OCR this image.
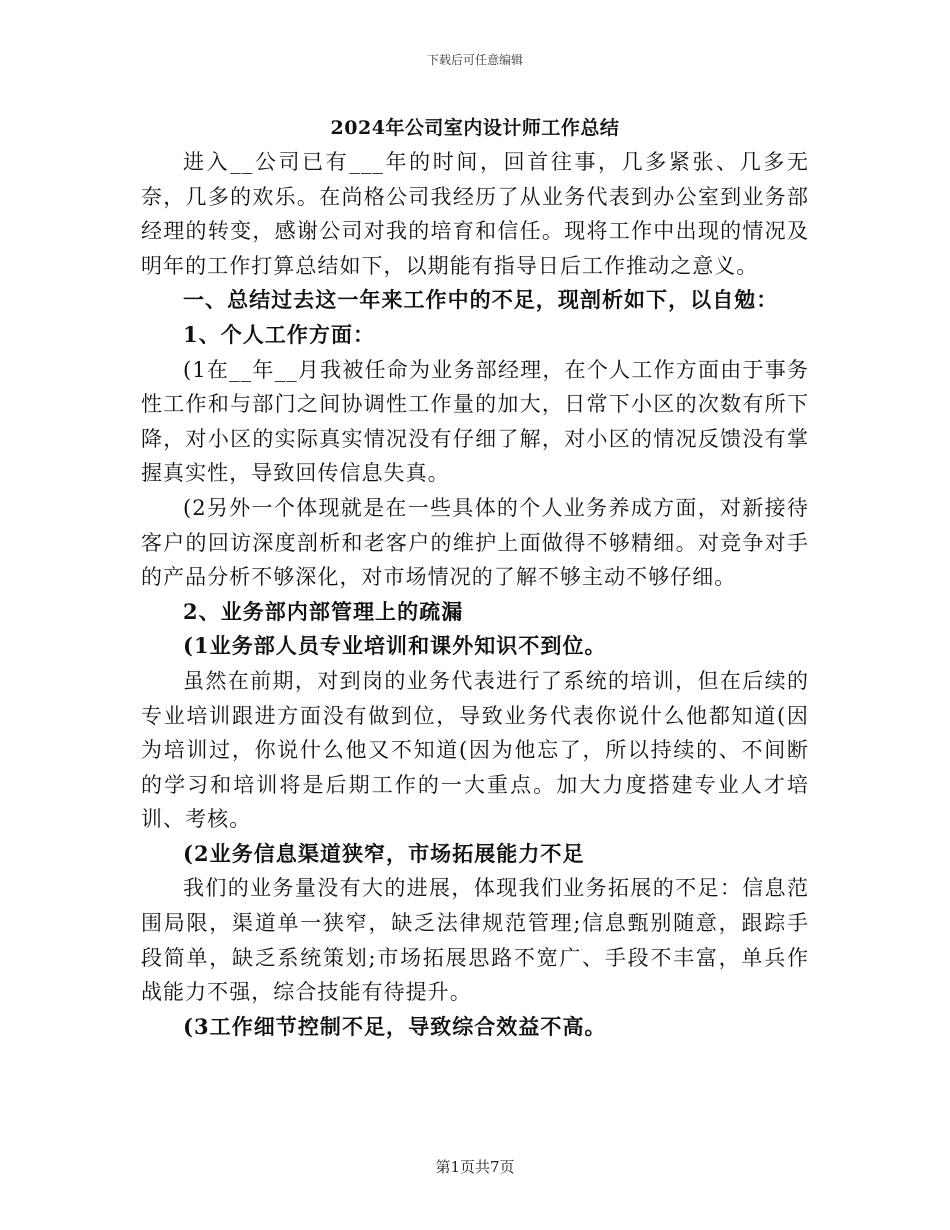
下载后可任意编辑
2024年公司室内设计师工作总结

进入__公司已有___年的时间，回首往事，几多紧张、几多无奈，几多的欢乐。在尚格公司我经历了从业务代表到办公室到业务部经理的转变，感谢公司对我的培育和信任。现将工作中出现的情况及明年的工作打算总结如下，以期能有指导日后工作推动之意义。

一、总结过去这一年来工作中的不足，现剖析如下，以自勉：

1、个人工作方面：

(1在__年__月我被任命为业务部经理，在个人工作方面由于事务性工作和与部门之间协调性工作量的加大，日常下小区的次数有所下降，对小区的实际真实情况没有仔细了解，对小区的情况反馈没有掌握真实性，导致回传信息失真。

(2另外一个体现就是在一些具体的个人业务养成方面，对新接待客户的回访深度剖析和老客户的维护上面做得不够精细。对竞争对手的产品分析不够深化，对市场情况的了解不够主动不够仔细。

2、业务部内部管理上的疏漏

(1业务部人员专业培训和课外知识不到位。

虽然在前期，对到岗的业务代表进行了系统的培训，但在后续的专业培训跟进方面没有做到位，导致业务代表你说什么他都知道(因为培训过，你说什么他又不知道(因为他忘了，所以持续的、不间断的学习和培训将是后期工作的一大重点。加大力度搭建专业人才培训、考核。

(2业务信息渠道狭窄，市场拓展能力不足

我们的业务量没有大的进展，体现我们业务拓展的不足：信息范围局限，渠道单一狭窄，缺乏法律规范管理;信息甄别随意，跟踪手段简单，缺乏系统策划;市场拓展思路不宽广、手段不丰富，单兵作战能力不强，综合技能有待提升。

(3工作细节控制不足，导致综合效益不高。

第1页共7页
